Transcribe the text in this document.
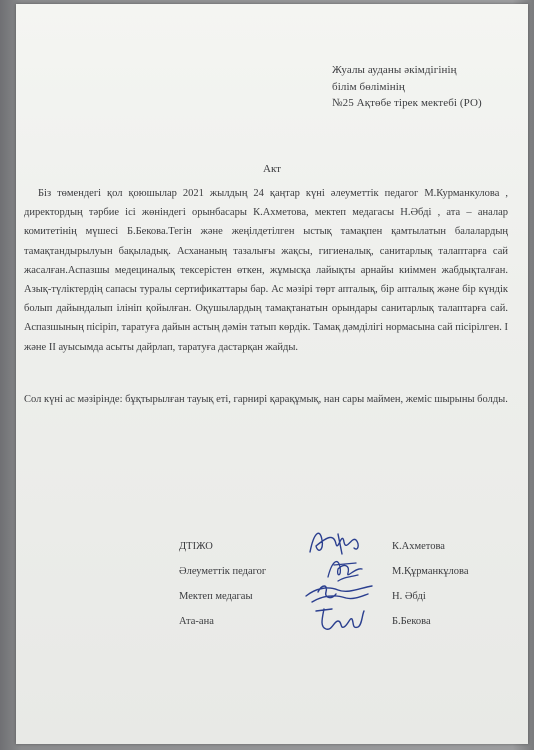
Жуалы ауданы әкімдігінің
білім бөлімінің
№25 Ақтөбе тірек мектебі (РО)
Акт

Біз төмендегі қол қоюшылар 2021 жылдың 24 қаңтар күні әлеуметтік педагог М.Курманкулова , директордың тәрбие ісі жөніндегі орынбасары К.Ахметова, мектеп медагасы Н.Әбді , ата – аналар комитетінің мүшесі Б.Бекова.Тегін және жеңілдетілген ыстық тамақпен қамтылатын балалардың тамақтандырылуын бақыладық. Асхананың тазалығы жақсы, гигиеналық, санитарлық талаптарға сай жасалған.Аспазшы медециналық тексерістен өткен, жұмысқа лайықты арнайы киіммен жабдықталған. Азық-түліктердің сапасы туралы сертификаттары бар. Ас мәзірі төрт апталық, бір апталық және бір күндік болып дайындалып ілініп қойылған. Оқушылардың тамақтанатын орындары санитарлық талаптарға сай. Аспазшының пісіріп, таратуға дайын астың дәмін татып көрдік. Тамақ дәмділігі нормасына сай пісірілген. І және ІІ ауысымда асыты дайрлап, таратуға дастарқан жайды.

Сол күні ас мәзірінде: бұқтырылған тауық еті, гарнирі қарақұмық, нан сары маймен, жеміс шырыны болды.

ДТІЖО	К.Ахметова
Әлеуметтік педагог	М.Құрманкұлова
Мектеп медагаы	Н. Әбді
Ата-ана	Б.Бекова
